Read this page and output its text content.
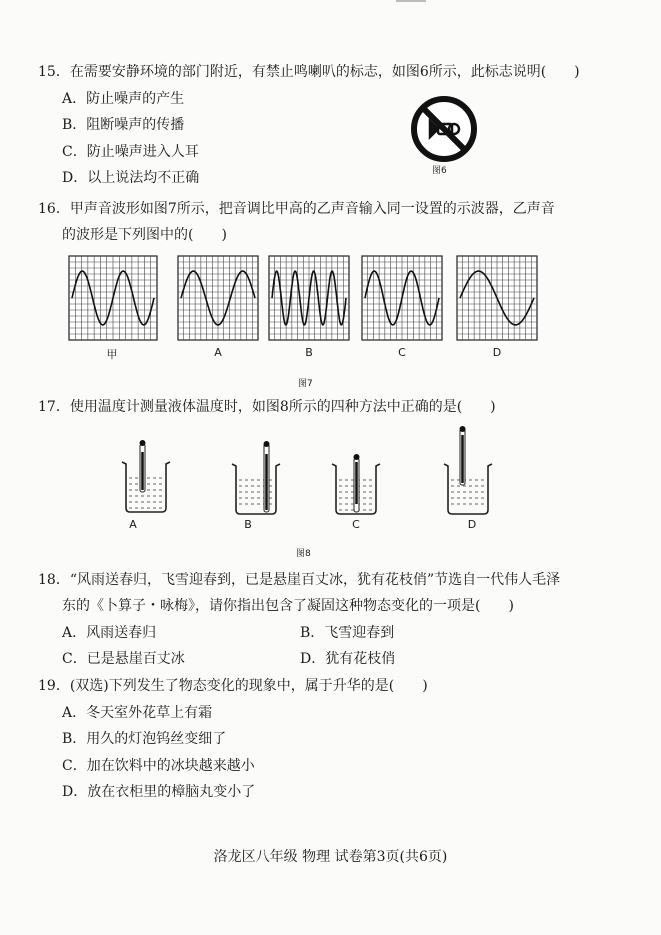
15．在需要安静环境的部门附近，有禁止鸣喇叭的标志，如图6所示，此标志说明(　　)
A．防止噪声的产生
B．阻断噪声的传播
C．防止噪声进入人耳
D．以上说法均不正确	图6
16．甲声音波形如图7所示，把音调比甲高的乙声音输入同一设置的示波器，乙声音
的波形是下列图中的(　　)
甲	A	B	C	D
图7
17．使用温度计测量液体温度时，如图8所示的四种方法中正确的是(　　)
A	B	C	D
图8
18．“风雨送春归，飞雪迎春到，已是悬崖百丈冰，犹有花枝俏”节选自一代伟人毛泽
东的《卜算子・咏梅》，请你指出包含了凝固这种物态变化的一项是(　　)
A．风雨送春归	B．飞雪迎春到
C．已是悬崖百丈冰	D．犹有花枝俏
19．(双选)下列发生了物态变化的现象中，属于升华的是(　　)
A．冬天室外花草上有霜
B．用久的灯泡钨丝变细了
C．加在饮料中的冰块越来越小
D．放在衣柜里的樟脑丸变小了
洛龙区八年级 物理 试卷第3页(共6页)
